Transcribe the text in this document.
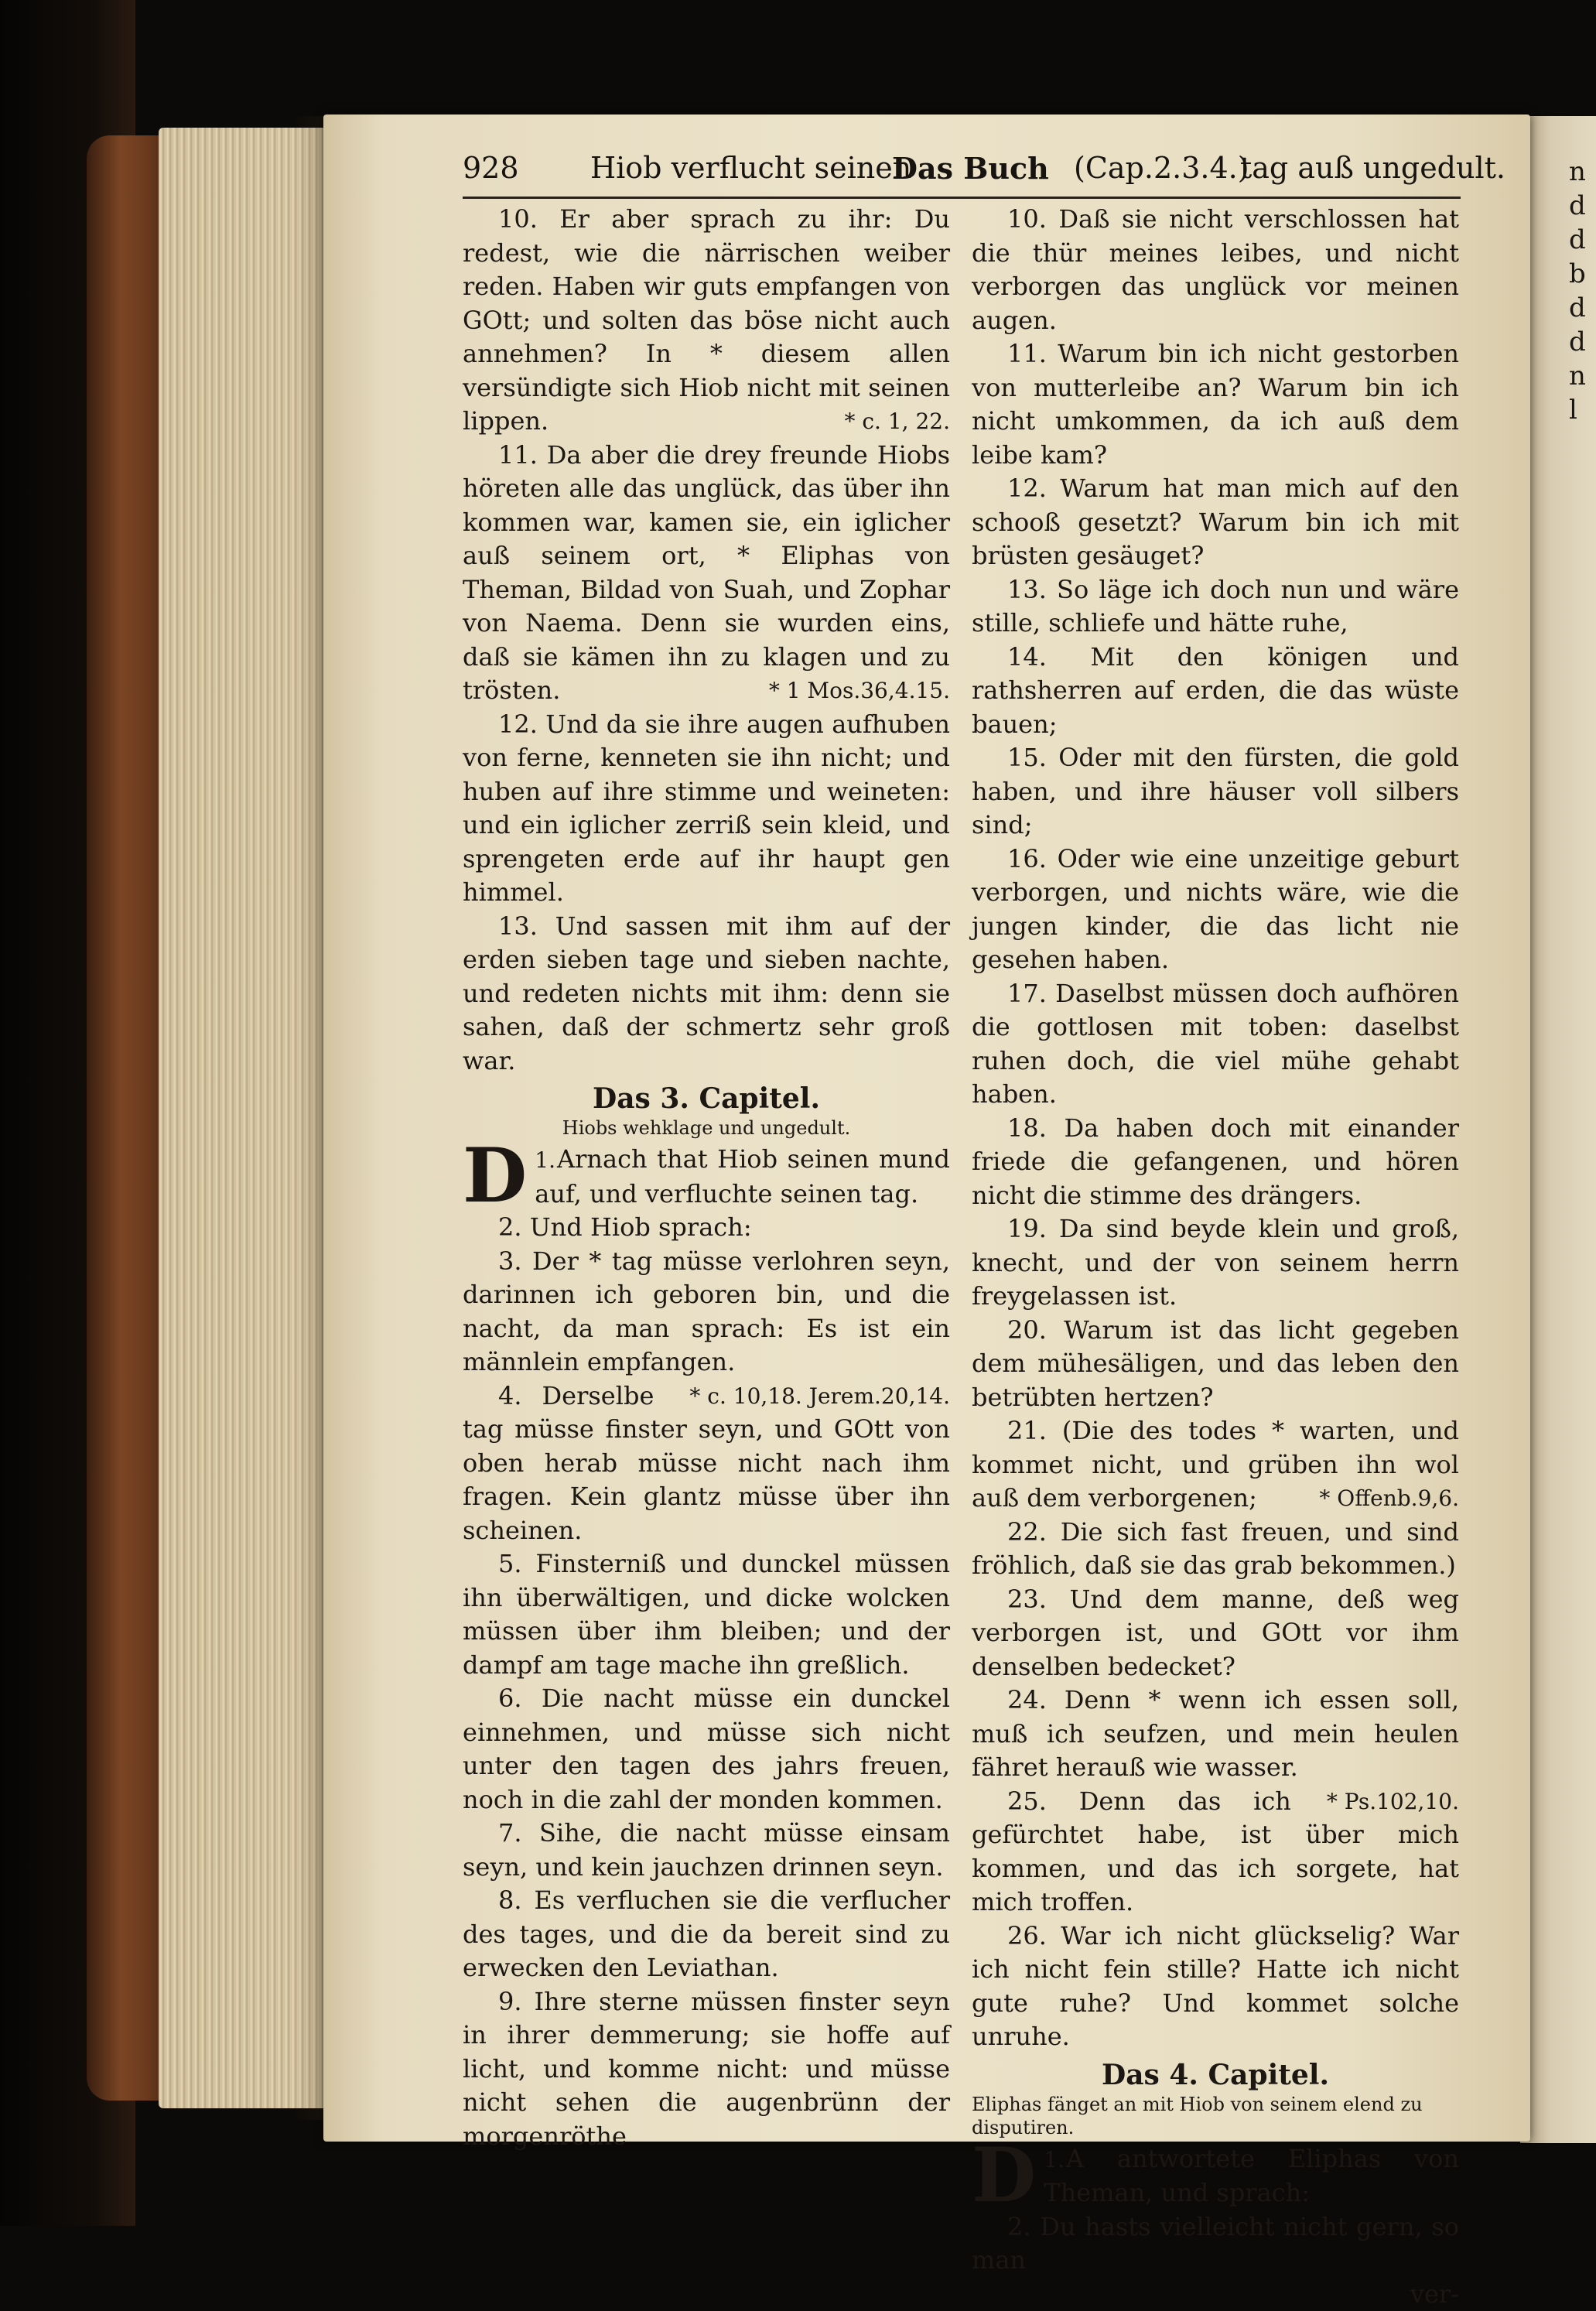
928 Hiob verflucht seinen
Das Buch (Cap.2.3.4.)
tag auß ungedult.

10. Er aber sprach zu ihr: Du redest, wie die närrischen weiber reden. Haben wir guts empfangen von GOtt; und solten das böse nicht auch annehmen? In * diesem allen versündigte sich Hiob nicht mit seinen lippen.	* c. 1, 22.

11. Da aber die drey freunde Hiobs höreten alle das unglück, das über ihn kommen war, kamen sie, ein iglicher auß seinem ort, * Eliphas von Theman, Bildad von Suah, und Zophar von Naema. Denn sie wurden eins, daß sie kämen ihn zu klagen und zu trösten.	* 1 Mos.36,4.15.

12. Und da sie ihre augen aufhuben von ferne, kenneten sie ihn nicht; und huben auf ihre stimme und weineten: und ein iglicher zerriß sein kleid, und sprengeten erde auf ihr haupt gen himmel.

13. Und sassen mit ihm auf der erden sieben tage und sieben nachte, und redeten nichts mit ihm: denn sie sahen, daß der schmertz sehr groß war.

Das 3. Capitel.

Hiobs wehklage und ungedult.

1.
D Arnach that Hiob seinen mund auf, und verfluchte seinen tag.

2. Und Hiob sprach:

3. Der * tag müsse verlohren seyn, darinnen ich geboren bin, und die nacht, da man sprach: Es ist ein männlein empfangen.
* c. 10,18. Jerem.20,14.

4. Derselbe tag müsse finster seyn, und GOtt von oben herab müsse nicht nach ihm fragen. Kein glantz müsse über ihn scheinen.

5. Finsterniß und dunckel müssen ihn überwältigen, und dicke wolcken müssen über ihm bleiben; und der dampf am tage mache ihn greßlich.

6. Die nacht müsse ein dunckel einnehmen, und müsse sich nicht unter den tagen des jahrs freuen, noch in die zahl der monden kommen.

7. Sihe, die nacht müsse einsam seyn, und kein jauchzen drinnen seyn.

8. Es verfluchen sie die verflucher des tages, und die da bereit sind zu erwecken den Leviathan.

9. Ihre sterne müssen finster seyn in ihrer demmerung; sie hoffe auf licht, und komme nicht: und müsse nicht sehen die augenbrünn der morgenröthe

10. Daß sie nicht verschlossen hat die thür meines leibes, und nicht verborgen das unglück vor meinen augen.

11. Warum bin ich nicht gestorben von mutterleibe an? Warum bin ich nicht umkommen, da ich auß dem leibe kam?

12. Warum hat man mich auf den schooß gesetzt? Warum bin ich mit brüsten gesäuget?

13. So läge ich doch nun und wäre stille, schliefe und hätte ruhe,

14. Mit den königen und rathsherren auf erden, die das wüste bauen;

15. Oder mit den fürsten, die gold haben, und ihre häuser voll silbers sind;

16. Oder wie eine unzeitige geburt verborgen, und nichts wäre, wie die jungen kinder, die das licht nie gesehen haben.

17. Daselbst müssen doch aufhören die gottlosen mit toben: daselbst ruhen doch, die viel mühe gehabt haben.

18. Da haben doch mit einander friede die gefangenen, und hören nicht die stimme des drängers.

19. Da sind beyde klein und groß, knecht, und der von seinem herrn freygelassen ist.

20. Warum ist das licht gegeben dem mühesäligen, und das leben den betrübten hertzen?

21. (Die des todes * warten, und kommet nicht, und grüben ihn wol auß dem verborgenen;	* Offenb.9,6.

22. Die sich fast freuen, und sind fröhlich, daß sie das grab bekommen.)

23. Und dem manne, deß weg verborgen ist, und GOtt vor ihm denselben bedecket?

24. Denn * wenn ich essen soll, muß ich seufzen, und mein heulen fähret herauß wie wasser.
* Ps.102,10.

25. Denn das ich gefürchtet habe, ist über mich kommen, und das ich sorgete, hat mich troffen.

26. War ich nicht glückselig? War ich nicht fein stille? Hatte ich nicht gute ruhe? Und kommet solche unruhe.

Das 4. Capitel.

Eliphas fänget an mit Hiob von seinem elend zu disputiren.

1.
D A antwortete Eliphas von Theman, und sprach:

2. Du hasts vielleicht nicht gern, so man

ver-

n
d
d
b
d
d
n
l
